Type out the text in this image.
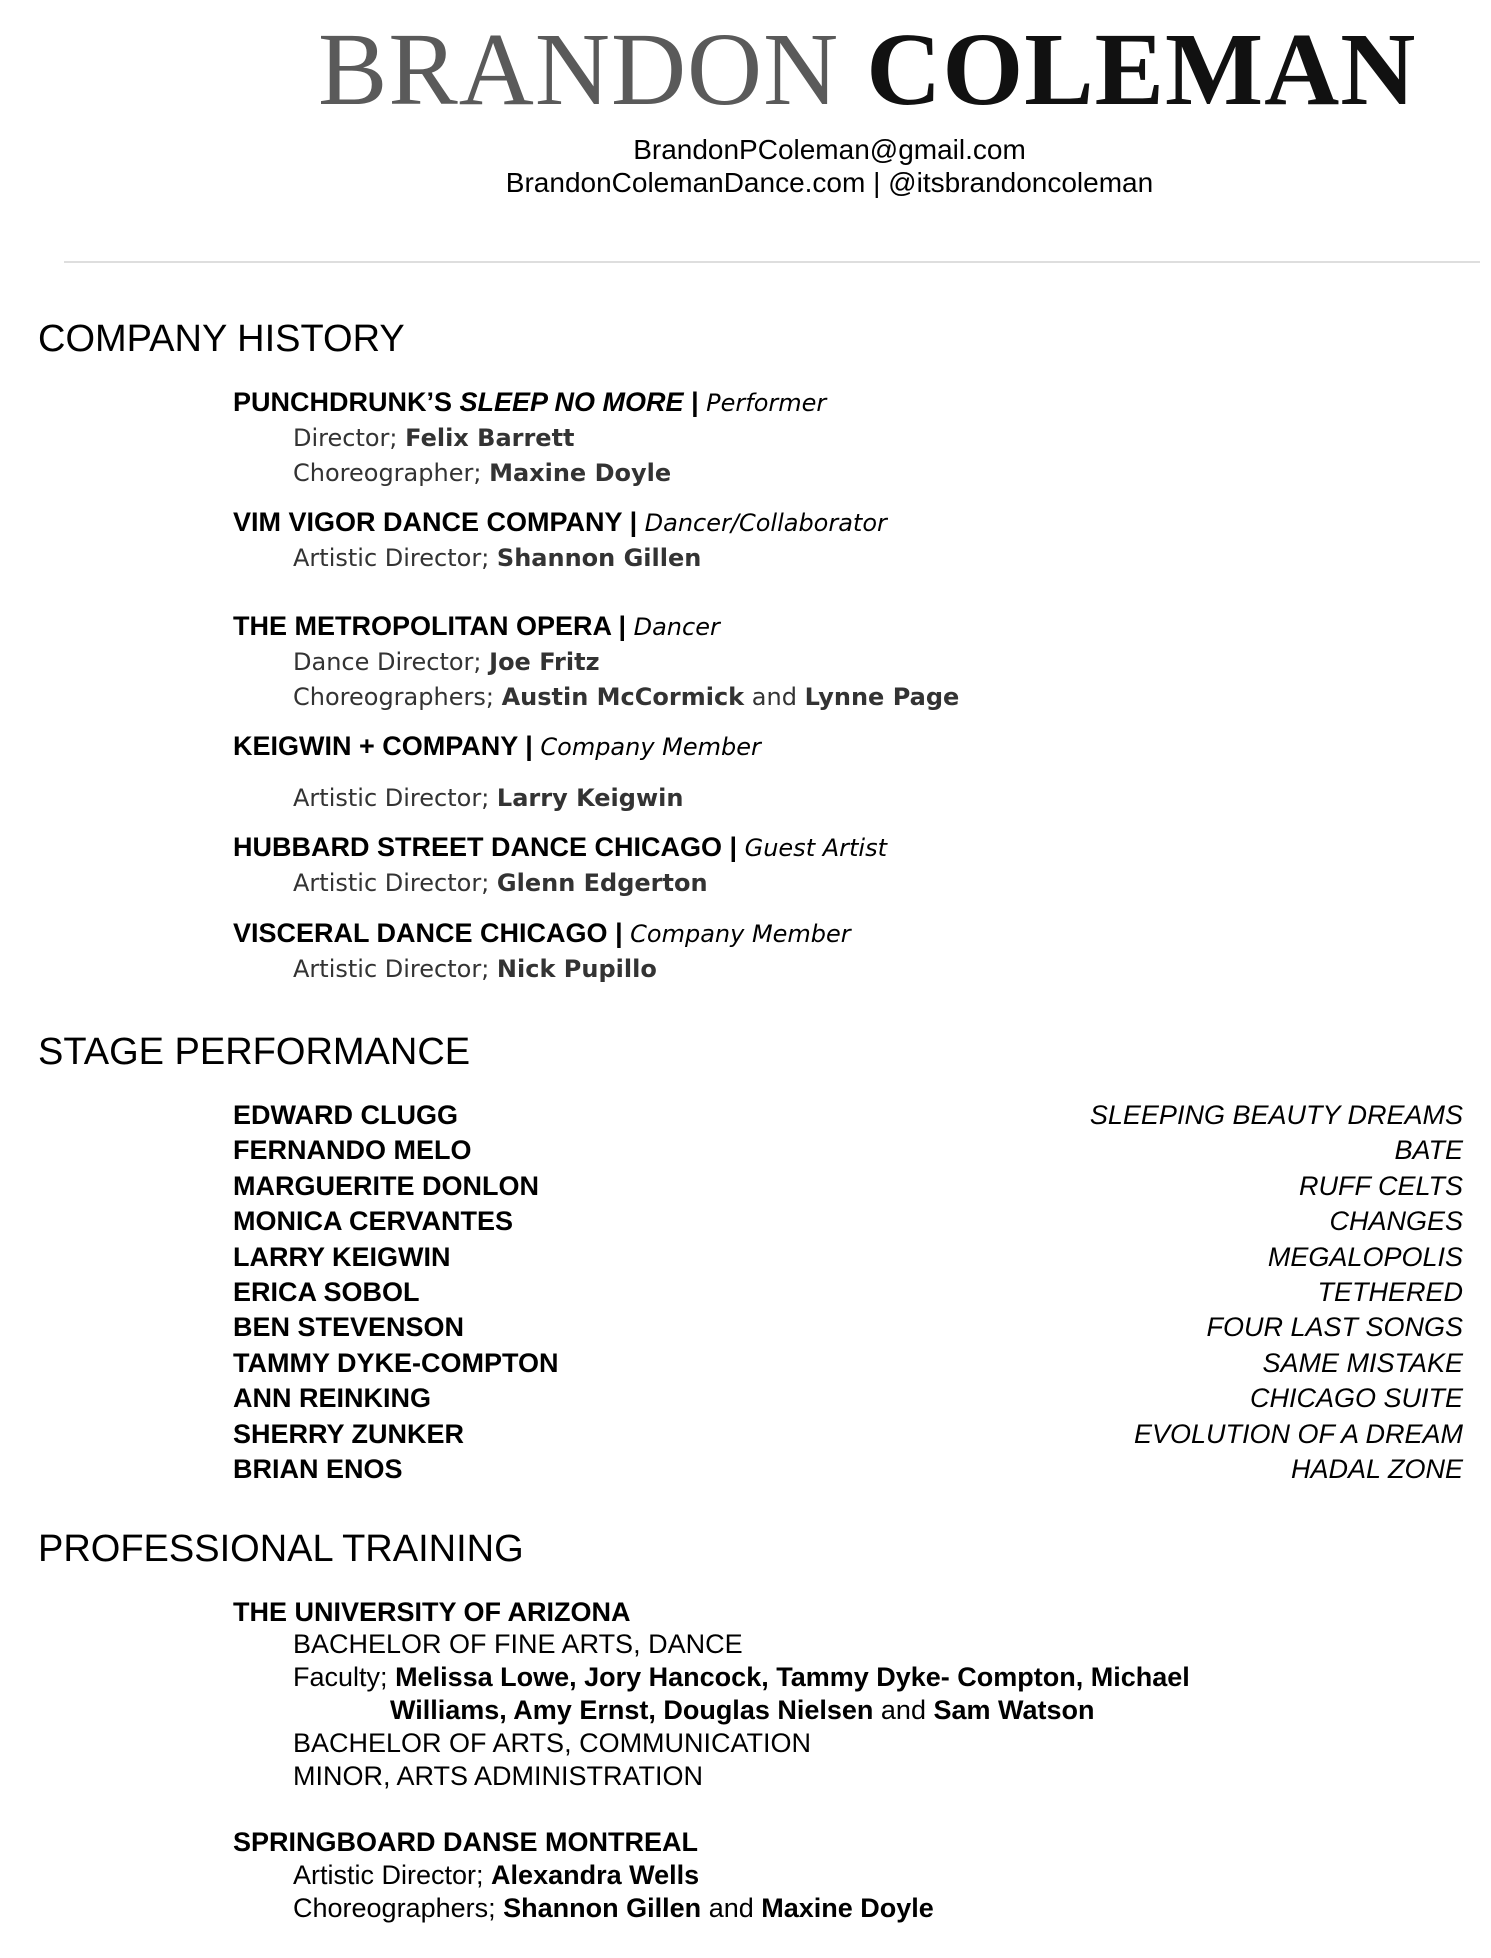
BRANDON COLEMAN
BrandonPColeman@gmail.com
BrandonColemanDance.com | @itsbrandoncoleman
COMPANY HISTORY
PUNCHDRUNK’S SLEEP NO MORE | Performer
Director; Felix Barrett
Choreographer; Maxine Doyle
VIM VIGOR DANCE COMPANY | Dancer/Collaborator
Artistic Director; Shannon Gillen
THE METROPOLITAN OPERA | Dancer
Dance Director; Joe Fritz
Choreographers; Austin McCormick and Lynne Page
KEIGWIN + COMPANY | Company Member
Artistic Director; Larry Keigwin
HUBBARD STREET DANCE CHICAGO | Guest Artist
Artistic Director; Glenn Edgerton
VISCERAL DANCE CHICAGO | Company Member
Artistic Director; Nick Pupillo
STAGE PERFORMANCE
EDWARD CLUGG	SLEEPING BEAUTY DREAMS
FERNANDO MELO	BATE
MARGUERITE DONLON	RUFF CELTS
MONICA CERVANTES	CHANGES
LARRY KEIGWIN	MEGALOPOLIS
ERICA SOBOL	TETHERED
BEN STEVENSON	FOUR LAST SONGS
TAMMY DYKE-COMPTON	SAME MISTAKE
ANN REINKING	CHICAGO SUITE
SHERRY ZUNKER	EVOLUTION OF A DREAM
BRIAN ENOS	HADAL ZONE
PROFESSIONAL TRAINING
THE UNIVERSITY OF ARIZONA
BACHELOR OF FINE ARTS, DANCE
Faculty; Melissa Lowe, Jory Hancock, Tammy Dyke- Compton, Michael
Williams, Amy Ernst, Douglas Nielsen and Sam Watson
BACHELOR OF ARTS, COMMUNICATION
MINOR, ARTS ADMINISTRATION
SPRINGBOARD DANSE MONTREAL
Artistic Director; Alexandra Wells
Choreographers; Shannon Gillen and Maxine Doyle
